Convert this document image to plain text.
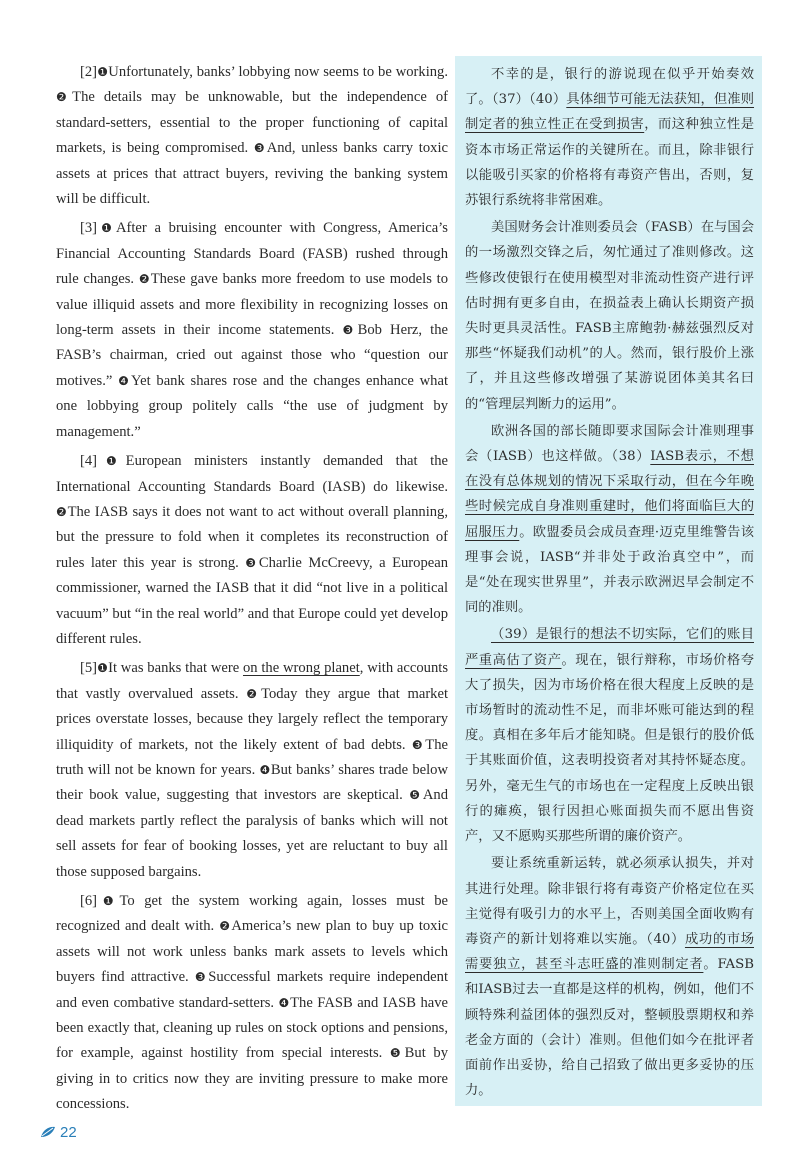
[2]❶Unfortunately, banks’ lobbying now seems to be working. ❷The details may be unknowable, but the independence of standard-setters, essential to the proper functioning of capital markets, is being compromised. ❸And, unless banks carry toxic assets at prices that attract buyers, reviving the banking system will be difficult.

[3]❶After a bruising encounter with Congress, America’s Financial Accounting Standards Board (FASB) rushed through rule changes. ❷These gave banks more freedom to use models to value illiquid assets and more flexibility in recognizing losses on long-term assets in their income statements. ❸Bob Herz, the FASB’s chairman, cried out against those who “question our motives.” ❹Yet bank shares rose and the changes enhance what one lobbying group politely calls “the use of judgment by management.”

[4]❶European ministers instantly demanded that the International Accounting Standards Board (IASB) do likewise. ❷The IASB says it does not want to act without overall planning, but the pressure to fold when it completes its reconstruction of rules later this year is strong. ❸Charlie McCreevy, a European commissioner, warned the IASB that it did “not live in a political vacuum” but “in the real world” and that Europe could yet develop different rules.

[5]❶It was banks that were on the wrong planet, with accounts that vastly overvalued assets. ❷Today they argue that market prices overstate losses, because they largely reflect the temporary illiquidity of markets, not the likely extent of bad debts. ❸The truth will not be known for years. ❹But banks’ shares trade below their book value, suggesting that investors are skeptical. ❺And dead markets partly reflect the paralysis of banks which will not sell assets for fear of booking losses, yet are reluctant to buy all those supposed bargains.

[6]❶To get the system working again, losses must be recognized and dealt with. ❷America’s new plan to buy up toxic assets will not work unless banks mark assets to levels which buyers find attractive. ❸Successful markets require independent and even combative standard-setters. ❹The FASB and IASB have been exactly that, cleaning up rules on stock options and pensions, for example, against hostility from special interests. ❺But by giving in to critics now they are inviting pressure to make more concessions.

不幸的是，银行的游说现在似乎开始奏效了。（37）（40）具体细节可能无法获知，但准则制定者的独立性正在受到损害，而这种独立性是资本市场正常运作的关键所在。而且，除非银行以能吸引买家的价格将有毒资产售出，否则，复苏银行系统将非常困难。

美国财务会计准则委员会（FASB）在与国会的一场激烈交锋之后，匆忙通过了准则修改。这些修改使银行在使用模型对非流动性资产进行评估时拥有更多自由，在损益表上确认长期资产损失时更具灵活性。FASB主席鲍勃·赫兹强烈反对那些“怀疑我们动机”的人。然而，银行股价上涨了，并且这些修改增强了某游说团体美其名曰的“管理层判断力的运用”。

欧洲各国的部长随即要求国际会计准则理事会（IASB）也这样做。（38）IASB表示，不想在没有总体规划的情况下采取行动，但在今年晚些时候完成自身准则重建时，他们将面临巨大的屈服压力。欧盟委员会成员查理·迈克里维警告该理事会说，IASB“并非处于政治真空中”，而是“处在现实世界里”，并表示欧洲迟早会制定不同的准则。

（39）是银行的想法不切实际，它们的账目严重高估了资产。现在，银行辩称，市场价格夸大了损失，因为市场价格在很大程度上反映的是市场暂时的流动性不足，而非坏账可能达到的程度。真相在多年后才能知晓。但是银行的股价低于其账面价值，这表明投资者对其持怀疑态度。另外，毫无生气的市场也在一定程度上反映出银行的瘫痪，银行因担心账面损失而不愿出售资产，又不愿购买那些所谓的廉价资产。

要让系统重新运转，就必须承认损失，并对其进行处理。除非银行将有毒资产价格定位在买主觉得有吸引力的水平上，否则美国全面收购有毒资产的新计划将难以实施。（40）成功的市场需要独立，甚至斗志旺盛的准则制定者。FASB和IASB过去一直都是这样的机构，例如，他们不顾特殊利益团体的强烈反对，整顿股票期权和养老金方面的（会计）准则。但他们如今在批评者面前作出妥协，给自己招致了做出更多妥协的压力。

22
